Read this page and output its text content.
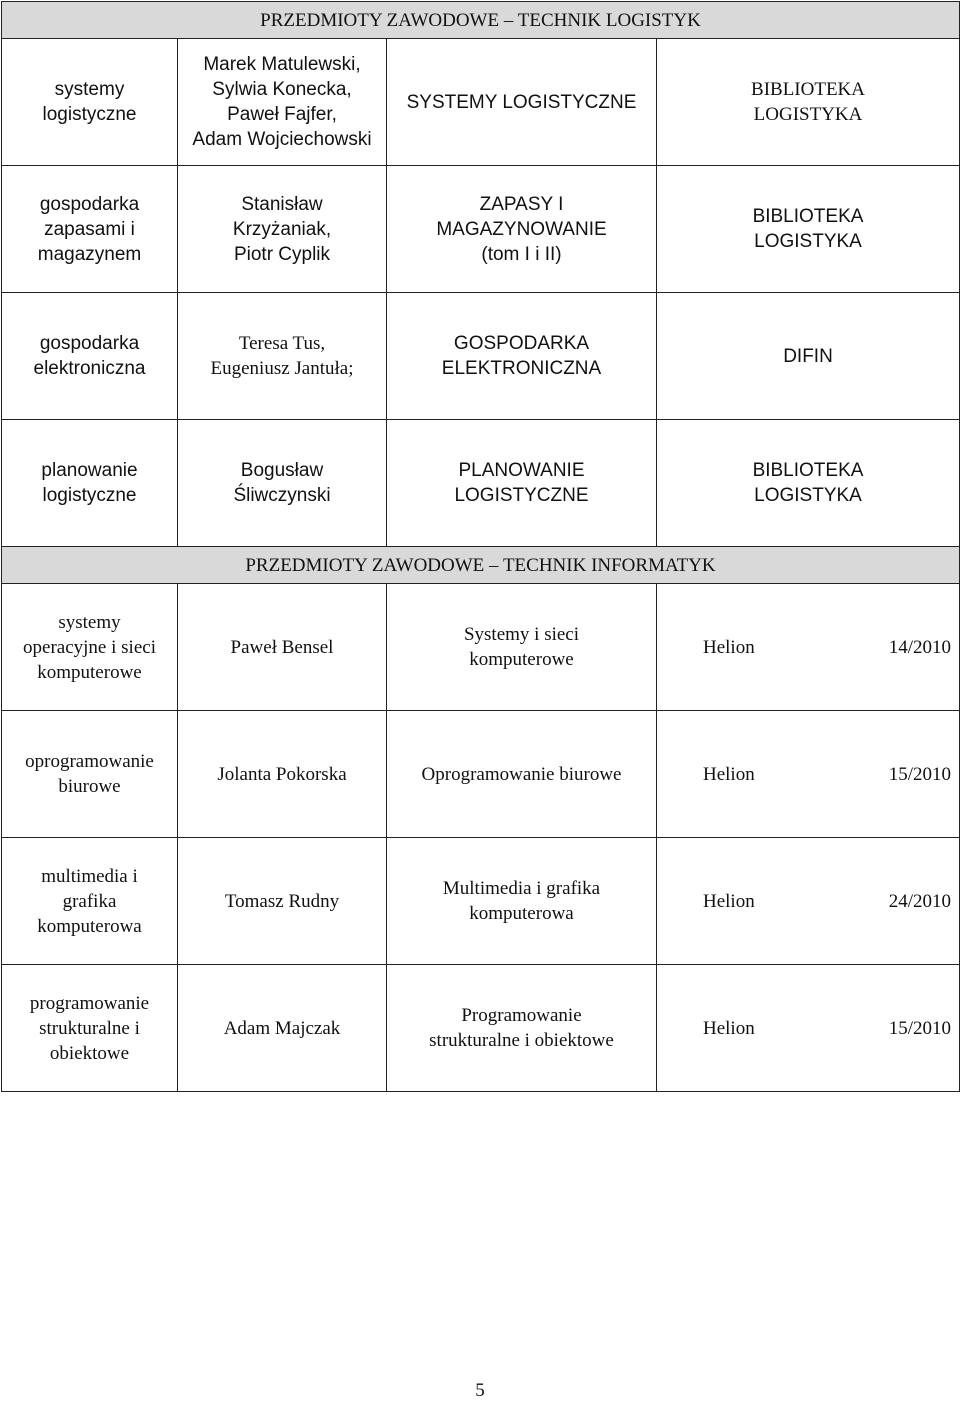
PRZEDMIOTY ZAWODOWE – TECHNIK LOGISTYK			

systemy
logistyczne	Marek Matulewski,
Sylwia Konecka,
Paweł Fajfer,
Adam Wojciechowski	SYSTEMY LOGISTYCZNE	BIBLIOTEKA
LOGISTYKA

gospodarka
zapasami i
magazynem	Stanisław
Krzyżaniak,
Piotr Cyplik	ZAPASY I
MAGAZYNOWANIE
(tom I i II)	BIBLIOTEKA
LOGISTYKA

gospodarka
elektroniczna	Teresa Tus,
Eugeniusz Jantuła;	GOSPODARKA
ELEKTRONICZNA	DIFIN

planowanie
logistyczne	Bogusław
Śliwczynski	PLANOWANIE
LOGISTYCZNE	BIBLIOTEKA
LOGISTYKA

PRZEDMIOTY ZAWODOWE – TECHNIK INFORMATYK			

systemy
operacyjne i sieci
komputerowe	Paweł Bensel	Systemy i sieci
komputerowe	Helion 14/2010

oprogramowanie
biurowe	Jolanta Pokorska	Oprogramowanie biurowe	Helion 15/2010

multimedia i
grafika
komputerowa	Tomasz Rudny	Multimedia i grafika
komputerowa	Helion 24/2010

programowanie
strukturalne i
obiektowe	Adam Majczak	Programowanie
strukturalne i obiektowe	Helion 15/2010
5
